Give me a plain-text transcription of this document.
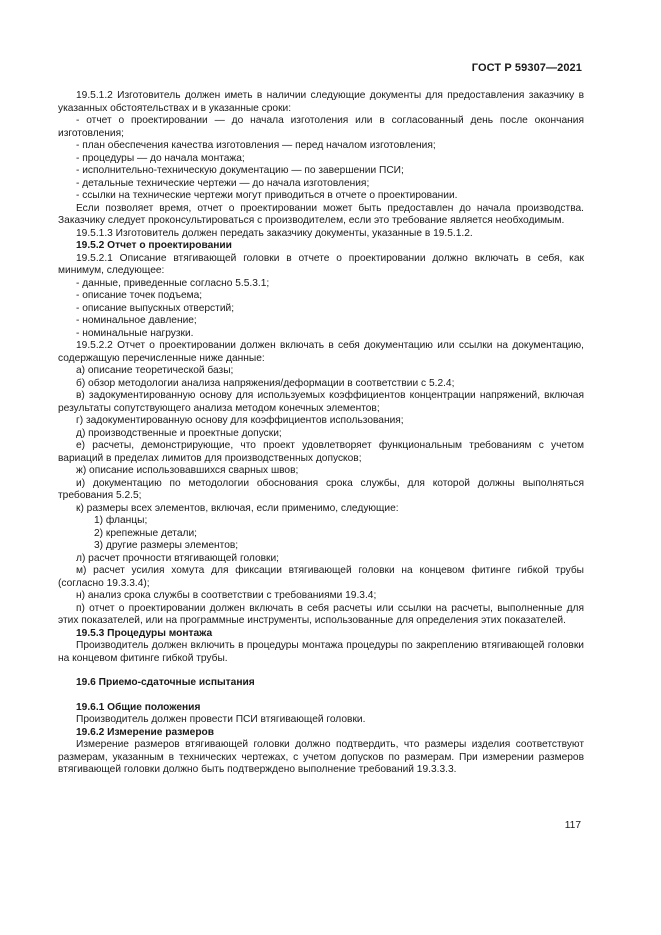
ГОСТ Р 59307—2021
19.5.1.2 Изготовитель должен иметь в наличии следующие документы для предоставления заказчику в указанных обстоятельствах и в указанные сроки:
- отчет о проектировании — до начала изготоления или в согласованный день после окончания изготовления;
- план обеспечения качества изготовления — перед началом изготовления;
- процедуры — до начала монтажа;
- исполнительно-техническую документацию — по завершении ПСИ;
- детальные технические чертежи — до начала изготовления;
- ссылки на технические чертежи могут приводиться в отчете о проектировании.
Если позволяет время, отчет о проектировании может быть предоставлен до начала производства. Заказчику следует проконсультироваться с производителем, если это требование является необходимым.
19.5.1.3 Изготовитель должен передать заказчику документы, указанные в 19.5.1.2.
19.5.2 Отчет о проектировании
19.5.2.1 Описание втягивающей головки в отчете о проектировании должно включать в себя, как минимум, следующее:
- данные, приведенные согласно 5.5.3.1;
- описание точек подъема;
- описание выпускных отверстий;
- номинальное давление;
- номинальные нагрузки.
19.5.2.2 Отчет о проектировании должен включать в себя документацию или ссылки на документацию, содержащую перечисленные ниже данные:
а) описание теоретической базы;
б) обзор методологии анализа напряжения/деформации в соответствии с 5.2.4;
в) задокументированную основу для используемых коэффициентов концентрации напряжений, включая результаты сопутствующего анализа методом конечных элементов;
г) задокументированную основу для коэффициентов использования;
д) производственные и проектные допуски;
е) расчеты, демонстрирующие, что проект удовлетворяет функциональным требованиям с учетом вариаций в пределах лимитов для производственных допусков;
ж) описание использовавшихся сварных швов;
и) документацию по методологии обоснования срока службы, для которой должны выполняться требования 5.2.5;
к) размеры всех элементов, включая, если применимо, следующие:
1) фланцы;
2) крепежные детали;
3) другие размеры элементов;
л) расчет прочности втягивающей головки;
м) расчет усилия хомута для фиксации втягивающей головки на концевом фитинге гибкой трубы (согласно 19.3.3.4);
н) анализ срока службы в соответствии с требованиями 19.3.4;
п) отчет о проектировании должен включать в себя расчеты или ссылки на расчеты, выполненные для этих показателей, или на программные инструменты, использованные для определения этих показателей.
19.5.3 Процедуры монтажа
Производитель должен включить в процедуры монтажа процедуры по закреплению втягивающей головки на концевом фитинге гибкой трубы.
19.6 Приемо-сдаточные испытания
19.6.1 Общие положения
Производитель должен провести ПСИ втягивающей головки.
19.6.2 Измерение размеров
Измерение размеров втягивающей головки должно подтвердить, что размеры изделия соответствуют размерам, указанным в технических чертежах, с учетом допусков по размерам. При измерении размеров втягивающей головки должно быть подтверждено выполнение требований 19.3.3.3.
117
